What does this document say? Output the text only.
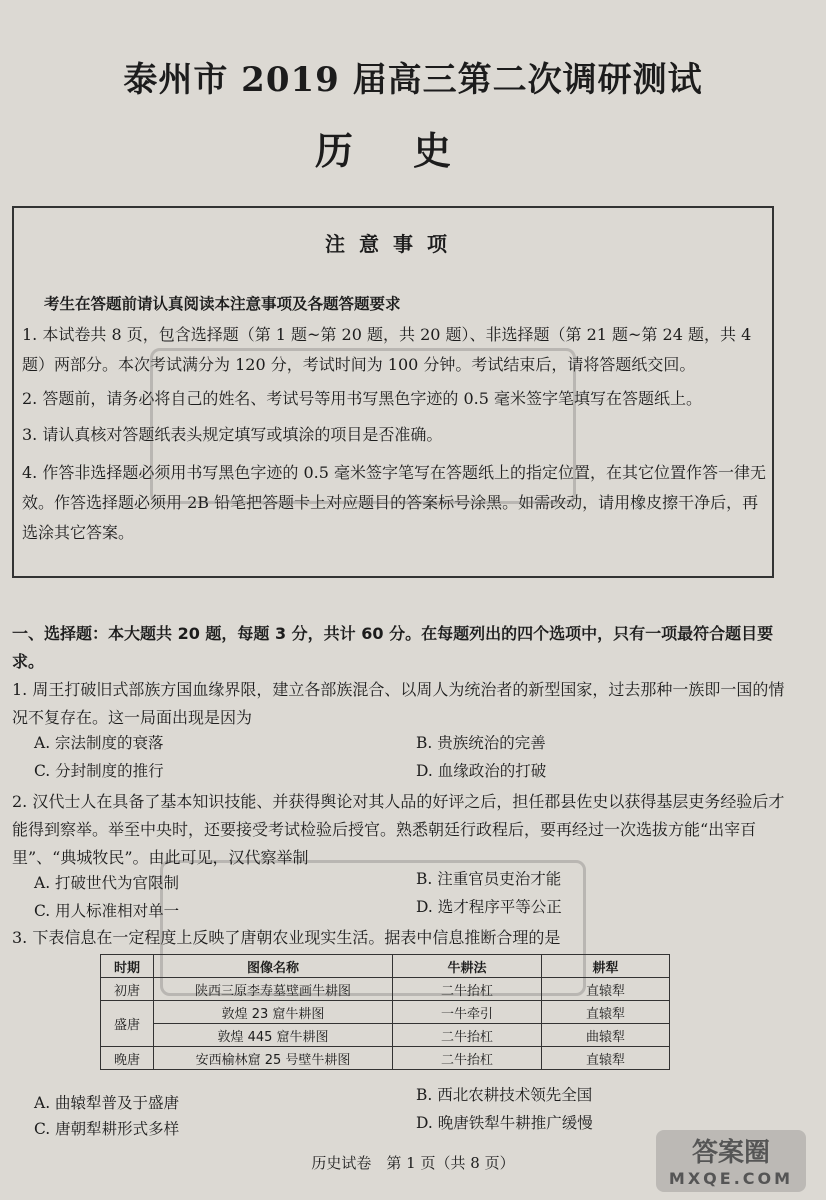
泰州市 2019 届高三第二次调研测试
历史
注意事项
考生在答题前请认真阅读本注意事项及各题答题要求
1. 本试卷共 8 页，包含选择题（第 1 题~第 20 题，共 20 题）、非选择题（第 21 题~第 24 题，共 4 题）两部分。本次考试满分为 120 分，考试时间为 100 分钟。考试结束后，请将答题纸交回。
2. 答题前，请务必将自己的姓名、考试号等用书写黑色字迹的 0.5 毫米签字笔填写在答题纸上。
3. 请认真核对答题纸表头规定填写或填涂的项目是否准确。
4. 作答非选择题必须用书写黑色字迹的 0.5 毫米签字笔写在答题纸上的指定位置，在其它位置作答一律无效。作答选择题必须用 2B 铅笔把答题卡上对应题目的答案标号涂黑。如需改动，请用橡皮擦干净后，再选涂其它答案。
一、选择题：本大题共 20 题，每题 3 分，共计 60 分。在每题列出的四个选项中，只有一项最符合题目要求。
1. 周王打破旧式部族方国血缘界限，建立各部族混合、以周人为统治者的新型国家，过去那种一族即一国的情况不复存在。这一局面出现是因为
A. 宗法制度的衰落	B. 贵族统治的完善
C. 分封制度的推行	D. 血缘政治的打破
2. 汉代士人在具备了基本知识技能、并获得舆论对其人品的好评之后，担任郡县佐史以获得基层吏务经验后才能得到察举。举至中央时，还要接受考试检验后授官。熟悉朝廷行政程后，要再经过一次选拔方能“出宰百里”、“典城牧民”。由此可见，汉代察举制
A. 打破世代为官限制	B. 注重官员吏治才能
C. 用人标准相对单一	D. 选才程序平等公正
3. 下表信息在一定程度上反映了唐朝农业现实生活。据表中信息推断合理的是
时期	图像名称	牛耕法	耕犁
初唐	陕西三原李寿墓壁画牛耕图	二牛抬杠	直辕犁
盛唐	敦煌 23 窟牛耕图	一牛牵引	直辕犁
	敦煌 445 窟牛耕图	二牛抬杠	曲辕犁
晚唐	安西榆林窟 25 号壁牛耕图	二牛抬杠	直辕犁
A. 曲辕犁普及于盛唐	B. 西北农耕技术领先全国
C. 唐朝犁耕形式多样	D. 晚唐铁犁牛耕推广缓慢
历史试卷　第 1 页（共 8 页）	答案圈
MXQE.COM
